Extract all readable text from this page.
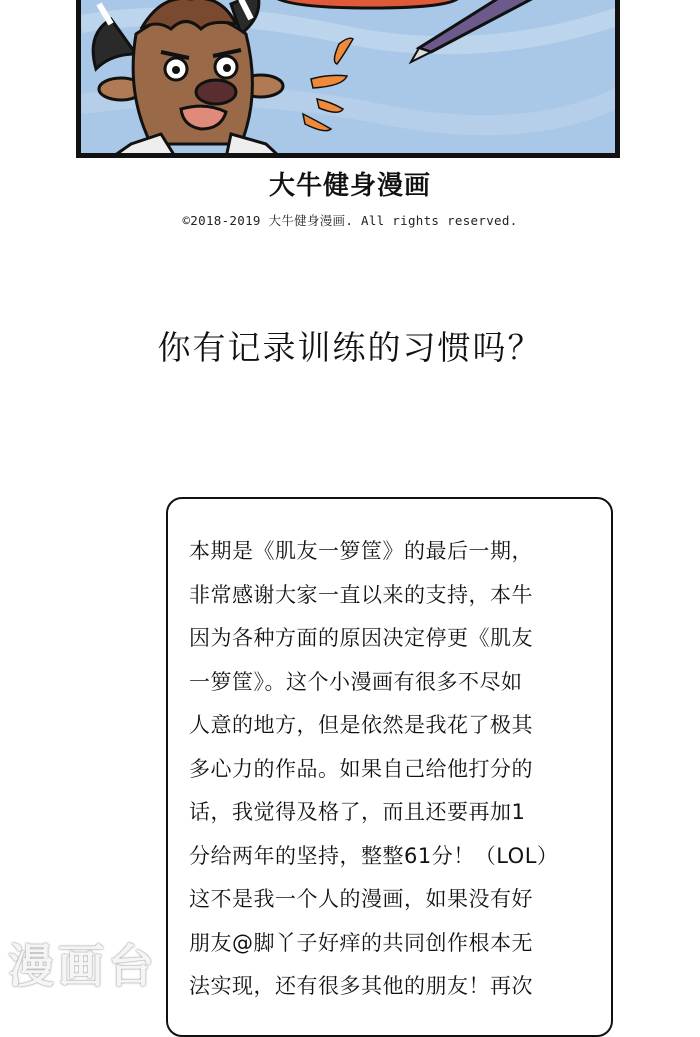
大牛健身漫画
©2018-2019 大牛健身漫画. All rights reserved.
你有记录训练的习惯吗？
本期是《肌友一箩筐》的最后一期，
非常感谢大家一直以来的支持，本牛
因为各种方面的原因决定停更《肌友
一箩筐》。这个小漫画有很多不尽如
人意的地方，但是依然是我花了极其
多心力的作品。如果自己给他打分的
话，我觉得及格了，而且还要再加1
分给两年的坚持，整整61分！（LOL）
这不是我一个人的漫画，如果没有好
朋友@脚丫子好痒的共同创作根本无
法实现，还有很多其他的朋友！再次
漫画台
